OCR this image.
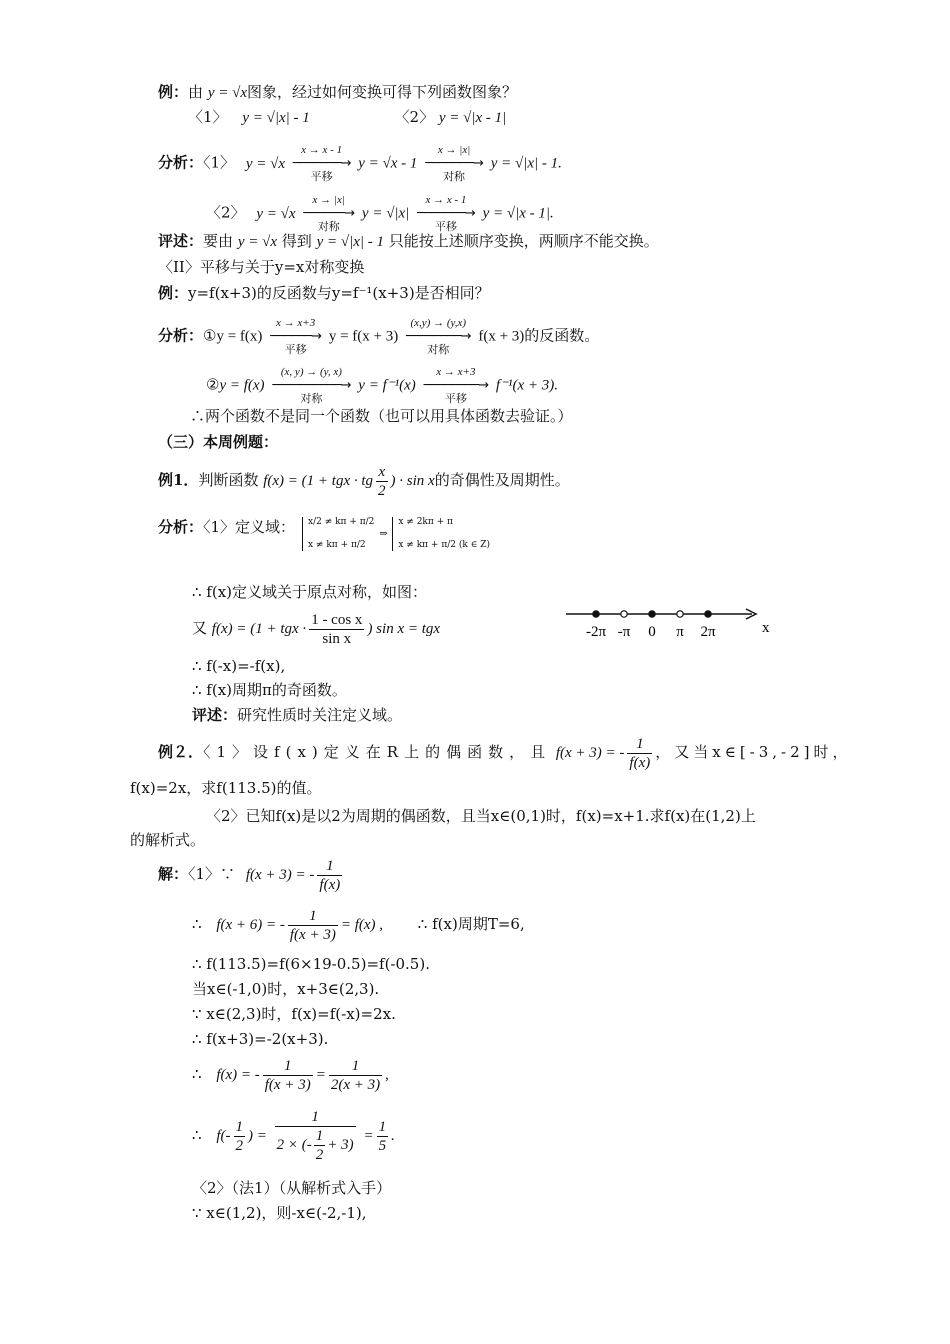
例：由 y = √x图象，经过如何变换可得下列函数图象？
〈1〉 y = √|x| - 1	〈2〉 y = √|x - 1|
分析：〈1〉 y = √x
x → x - 1
───────→
平移
y = √x - 1
x → |x|
───────→
对称
y = √|x| - 1.
〈2〉 y = √x
x → |x|
──────→
对称
y = √|x|
x → x - 1
───────→
平移
y = √|x - 1|.
评述：要由 y = √x 得到 y = √|x| - 1 只能按上述顺序变换，两顺序不能交换。
〈II〉平移与关于y=x对称变换
例：y=f(x+3)的反函数与y=f⁻¹(x+3)是否相同？
分析：①y = f(x)
x → x+3
──────→
平移
y = f(x + 3)
(x,y) → (y,x)
────────→
对称
f(x + 3)的反函数。
②y = f(x)
(x, y) → (y, x)
──────────→
对称
y = f⁻¹(x)
x → x+3
────────→
平移
f⁻¹(x + 3).
∴两个函数不是同一个函数（也可以用具体函数去验证。）
（三）本周例题：
例1．判断函数 f(x) = (1 + tgx · tg $\frac{x}{2}$ ) · sin x的奇偶性及周期性。
分析：〈1〉定义域： x/2 ≠ kπ + π/2
x ≠ kπ + π/2
⇒
x ≠ 2kπ + π
x ≠ kπ + π/2 (k ∈ Z)
∴ f(x)定义域关于原点对称，如图：
又 f(x) = (1 + tgx · $\frac{\text{1 - cos x}}{\text{sin x}}$ ) sin x = tgx	-2π -π 0 π 2π	x
∴ f(-x)=-f(x),
∴ f(x)周期π的奇函数。
评述：研究性质时关注定义域。
例２．〈1〉设f(x)定义在R上的偶函数，且 f(x + 3) = - $\frac{1}{f(x)}$ ，又当x∈[-3,-2]时，
f(x)=2x，求f(113.5)的值。
〈2〉已知f(x)是以2为周期的偶函数，且当x∈(0,1)时，f(x)=x+1.求f(x)在(1,2)上
的解析式。
解：〈1〉∵ f(x + 3) = - $\frac{1}{f(x)}$
∴ f(x + 6) = - $\frac{1}{f(x + 3)} = f(x)$ , ∴ f(x)周期T=6,
∴ f(113.5)=f(6×19-0.5)=f(-0.5).
当x∈(-1,0)时，x+3∈(2,3).
∵ x∈(2,3)时，f(x)=f(-x)=2x.
∴ f(x+3)=-2(x+3).
∴ f(x) = - $\frac{1}{f(x + 3)} = \frac{1}{2(x + 3)}$ ,
∴ $f(- \frac{1}{2}$ ) = $\frac{1}{2 \times (- \frac{1}{2} + 3)} = \frac{1}{5}$ .
〈2〉（法1）（从解析式入手）
∵ x∈(1,2)，则-x∈(-2,-1),
